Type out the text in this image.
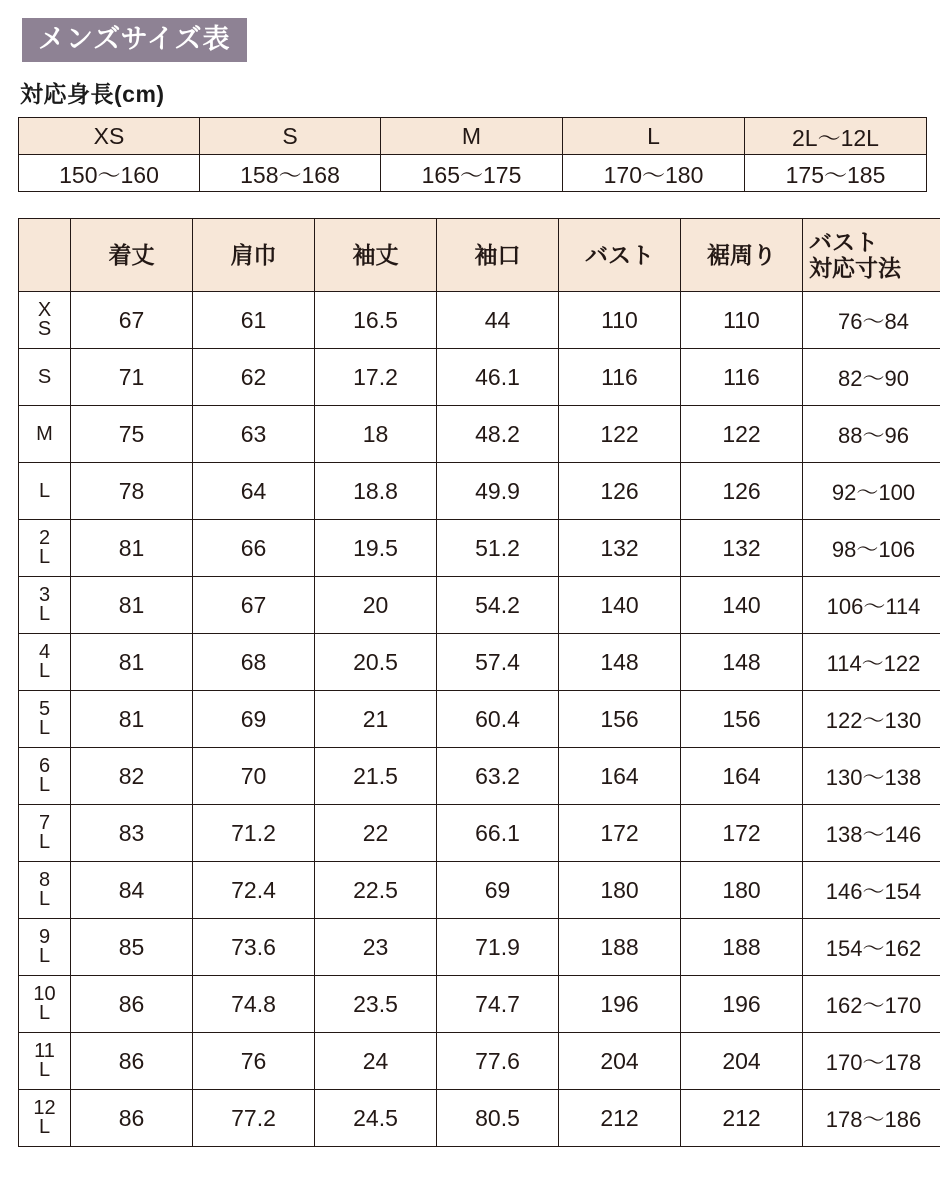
メンズサイズ表
対応身長(cm)
XS	S	M	L	2L〜12L
150〜160	158〜168	165〜175	170〜180	175〜185
	着丈	肩巾	袖丈	袖口	バスト	裾周り	バスト
対応寸法

X
S	67	61	16.5	44	110	110	76〜84

S	71	62	17.2	46.1	116	116	82〜90

M	75	63	18	48.2	122	122	88〜96

L	78	64	18.8	49.9	126	126	92〜100

2
L	81	66	19.5	51.2	132	132	98〜106

3
L	81	67	20	54.2	140	140	106〜114

4
L	81	68	20.5	57.4	148	148	114〜122

5
L	81	69	21	60.4	156	156	122〜130

6
L	82	70	21.5	63.2	164	164	130〜138

7
L	83	71.2	22	66.1	172	172	138〜146

8
L	84	72.4	22.5	69	180	180	146〜154

9
L	85	73.6	23	71.9	188	188	154〜162

10
L	86	74.8	23.5	74.7	196	196	162〜170

11
L	86	76	24	77.6	204	204	170〜178

12
L	86	77.2	24.5	80.5	212	212	178〜186
